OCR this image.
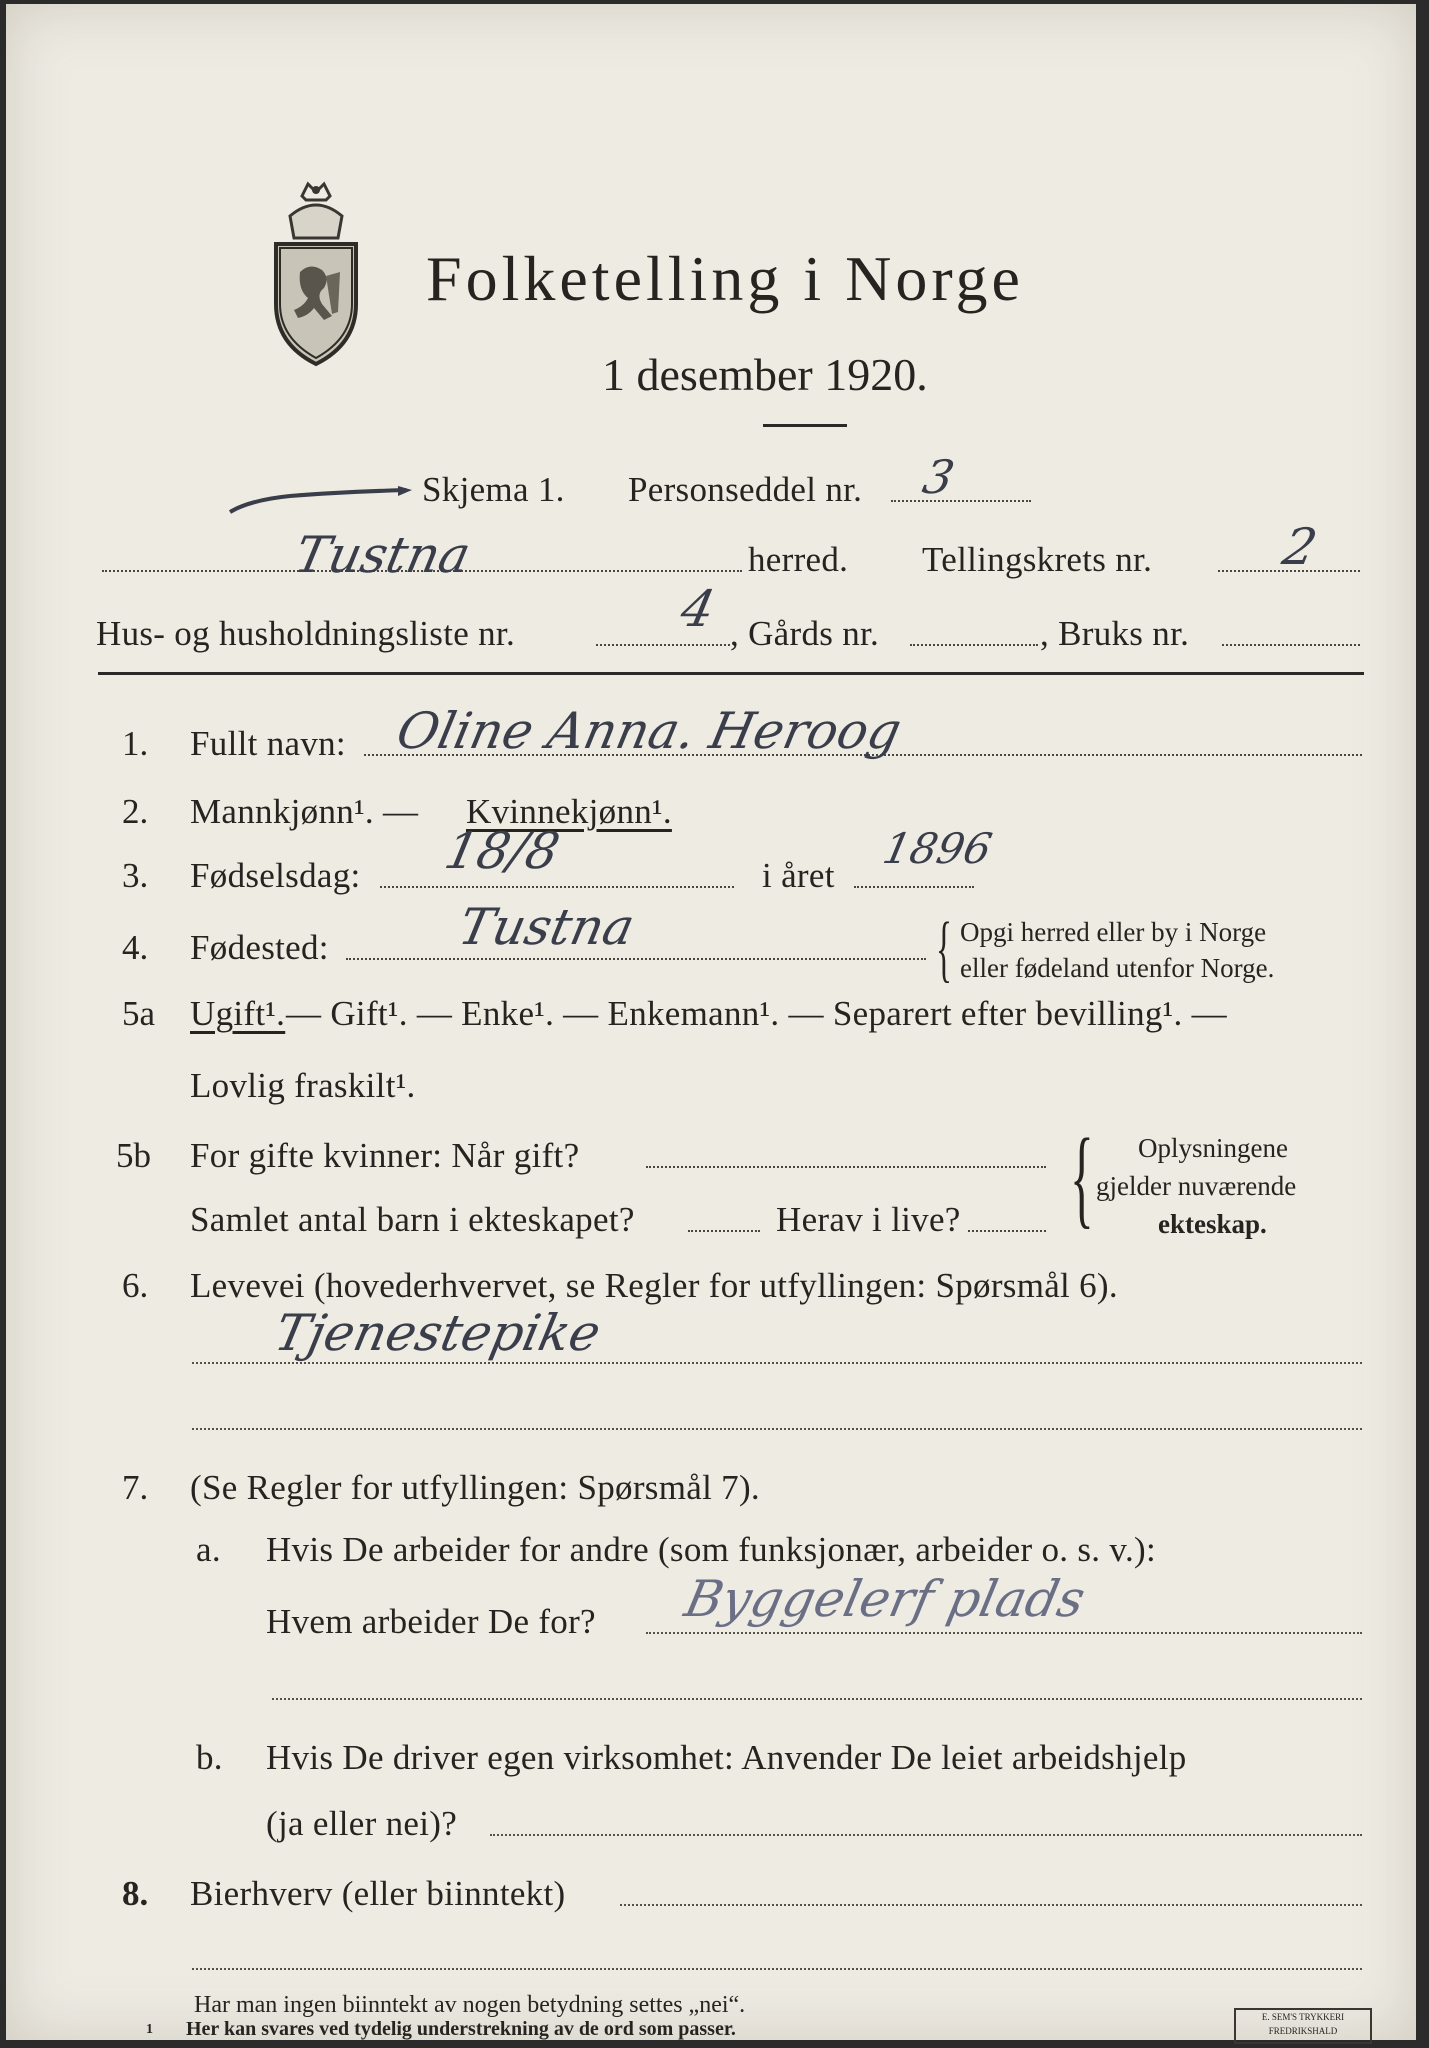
Folketelling i Norge
1 desember 1920.
Skjema 1. Personseddel nr. 3
Tustna	herred. Tellingskrets nr.	2
Hus- og husholdningsliste nr.	4 , Gårds nr.	, Bruks nr.
1. Fullt navn: Oline Anna. Heroog
2. Mannkjønn¹. — Kvinnekjønn¹.
3. Fødselsdag: 18/8	i året
1896
4. Fødested:	Tustna	{ Opgi herred eller by i Norge
eller fødeland utenfor Norge.
5a Ugift¹. — Gift¹. — Enke¹. — Enkemann¹. — Separert efter bevilling¹. —
Lovlig fraskilt¹.
5b For gifte kvinner: Når gift?
Samlet antal barn i ekteskapet?	Herav i live? { Oplysningene
gjelder nuværende
ekteskap.
6. Levevei (hovederhvervet, se Regler for utfyllingen: Spørsmål 6).
Tjenestepike
7. (Se Regler for utfyllingen: Spørsmål 7).
a. Hvis De arbeider for andre (som funksjonær, arbeider o. s. v.):
Hvem arbeider De for? Byggelerf plads
b. Hvis De driver egen virksomhet: Anvender De leiet arbeidshjelp
(ja eller nei)?
8. Bierhverv (eller biinntekt)
Har man ingen biinntekt av nogen betydning settes „nei“.
1 Her kan svares ved tydelig understrekning av de ord som passer.
E. SEM'S TRYKKERI
FREDRIKSHALD
